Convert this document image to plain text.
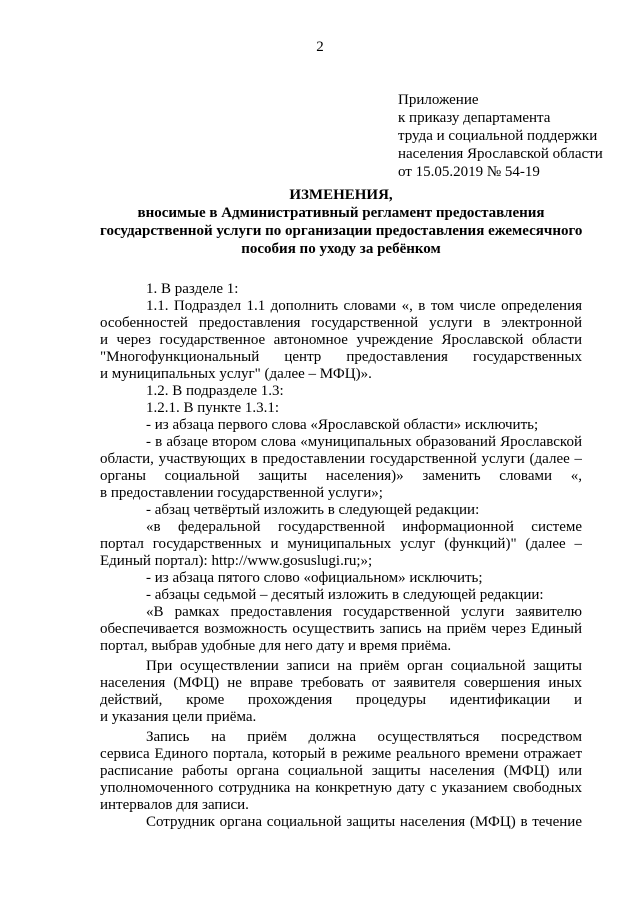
2
Приложение
к приказу департамента
труда и социальной поддержки
населения Ярославской области
от 15.05.2019 № 54-19
ИЗМЕНЕНИЯ,
вносимые в Административный регламент предоставления
государственной услуги по организации предоставления ежемесячного
пособия по уходу за ребёнком
1. В разделе 1:
1.1. Подраздел 1.1 дополнить словами «, в том числе определения
особенностей предоставления государственной услуги в электронной
и через государственное автономное учреждение Ярославской области
"Многофункциональный центр предоставления государственных
и муниципальных услуг" (далее – МФЦ)».
1.2. В подразделе 1.3:
1.2.1. В пункте 1.3.1:
- из абзаца первого слова «Ярославской области» исключить;
- в абзаце втором слова «муниципальных образований Ярославской
области, участвующих в предоставлении государственной услуги (далее –
органы социальной защиты населения)» заменить словами «,
в предоставлении государственной услуги»;
- абзац четвёртый изложить в следующей редакции:
«в федеральной государственной информационной системе
портал государственных и муниципальных услуг (функций)" (далее –
Единый портал): http://www.gosuslugi.ru;»;
- из абзаца пятого слово «официальном» исключить;
- абзацы седьмой – десятый изложить в следующей редакции:
«В рамках предоставления государственной услуги заявителю
обеспечивается возможность осуществить запись на приём через Единый
портал, выбрав удобные для него дату и время приёма.
При осуществлении записи на приём орган социальной защиты
населения (МФЦ) не вправе требовать от заявителя совершения иных
действий, кроме прохождения процедуры идентификации и
и указания цели приёма.
Запись на приём должна осуществляться посредством
сервиса Единого портала, который в режиме реального времени отражает
расписание работы органа социальной защиты населения (МФЦ) или
уполномоченного сотрудника на конкретную дату с указанием свободных
интервалов для записи.
Сотрудник органа социальной защиты населения (МФЦ) в течение
